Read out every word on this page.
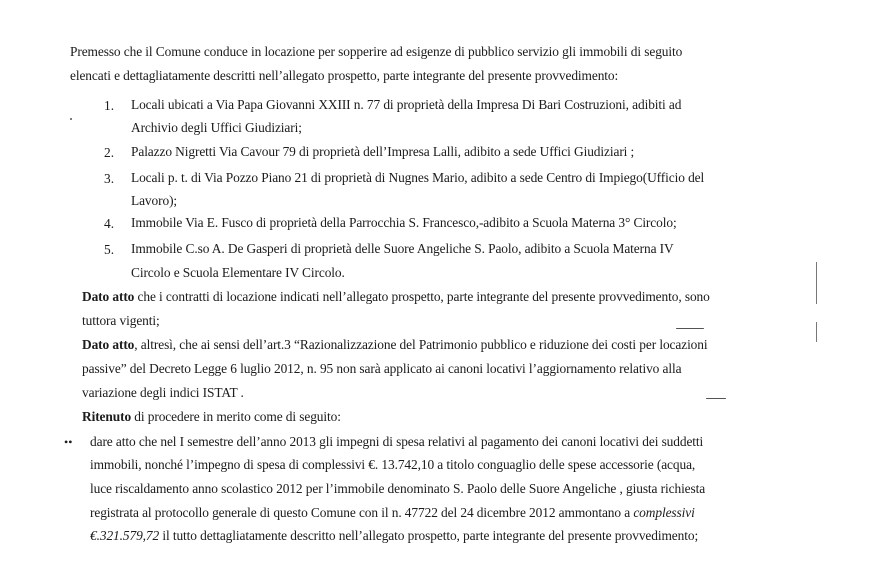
Premesso che il Comune conduce in locazione per sopperire ad esigenze di pubblico servizio gli immobili di seguito
elencati e dettagliatamente descritti nell’allegato prospetto, parte integrante del presente provvedimento:
1. Locali ubicati a Via Papa Giovanni XXIII n. 77 di proprietà della Impresa Di Bari Costruzioni, adibiti ad
Archivio degli Uffici Giudiziari;
2. Palazzo Nigretti Via Cavour 79 di proprietà dell’Impresa Lalli, adibito a sede Uffici Giudiziari ;
3. Locali p. t. di Via Pozzo Piano 21 di proprietà di Nugnes Mario, adibito a sede Centro di Impiego(Ufficio del
Lavoro);
4. Immobile Via E. Fusco di proprietà della Parrocchia S. Francesco,-adibito a Scuola Materna 3° Circolo;
5. Immobile C.so A. De Gasperi di proprietà delle Suore Angeliche S. Paolo, adibito a Scuola Materna IV
Circolo e Scuola Elementare IV Circolo.
Dato atto che i contratti di locazione indicati nell’allegato prospetto, parte integrante del presente provvedimento, sono
tuttora vigenti;
Dato atto, altresì, che ai sensi dell’art.3 “Razionalizzazione del Patrimonio pubblico e riduzione dei costi per locazioni
passive” del Decreto Legge 6 luglio 2012, n. 95 non sarà applicato ai canoni locativi l’aggiornamento relativo alla
variazione degli indici ISTAT .
Ritenuto di procedere in merito come di seguito:
•• dare atto che nel I semestre dell’anno 2013 gli impegni di spesa relativi al pagamento dei canoni locativi dei suddetti
immobili, nonché l’impegno di spesa di complessivi €. 13.742,10 a titolo conguaglio delle spese accessorie (acqua,
luce riscaldamento anno scolastico 2012 per l’immobile denominato S. Paolo delle Suore Angeliche , giusta richiesta
registrata al protocollo generale di questo Comune con il n. 47722 del 24 dicembre 2012 ammontano a complessivi
€.321.579,72 il tutto dettagliatamente descritto nell’allegato prospetto, parte integrante del presente provvedimento;
